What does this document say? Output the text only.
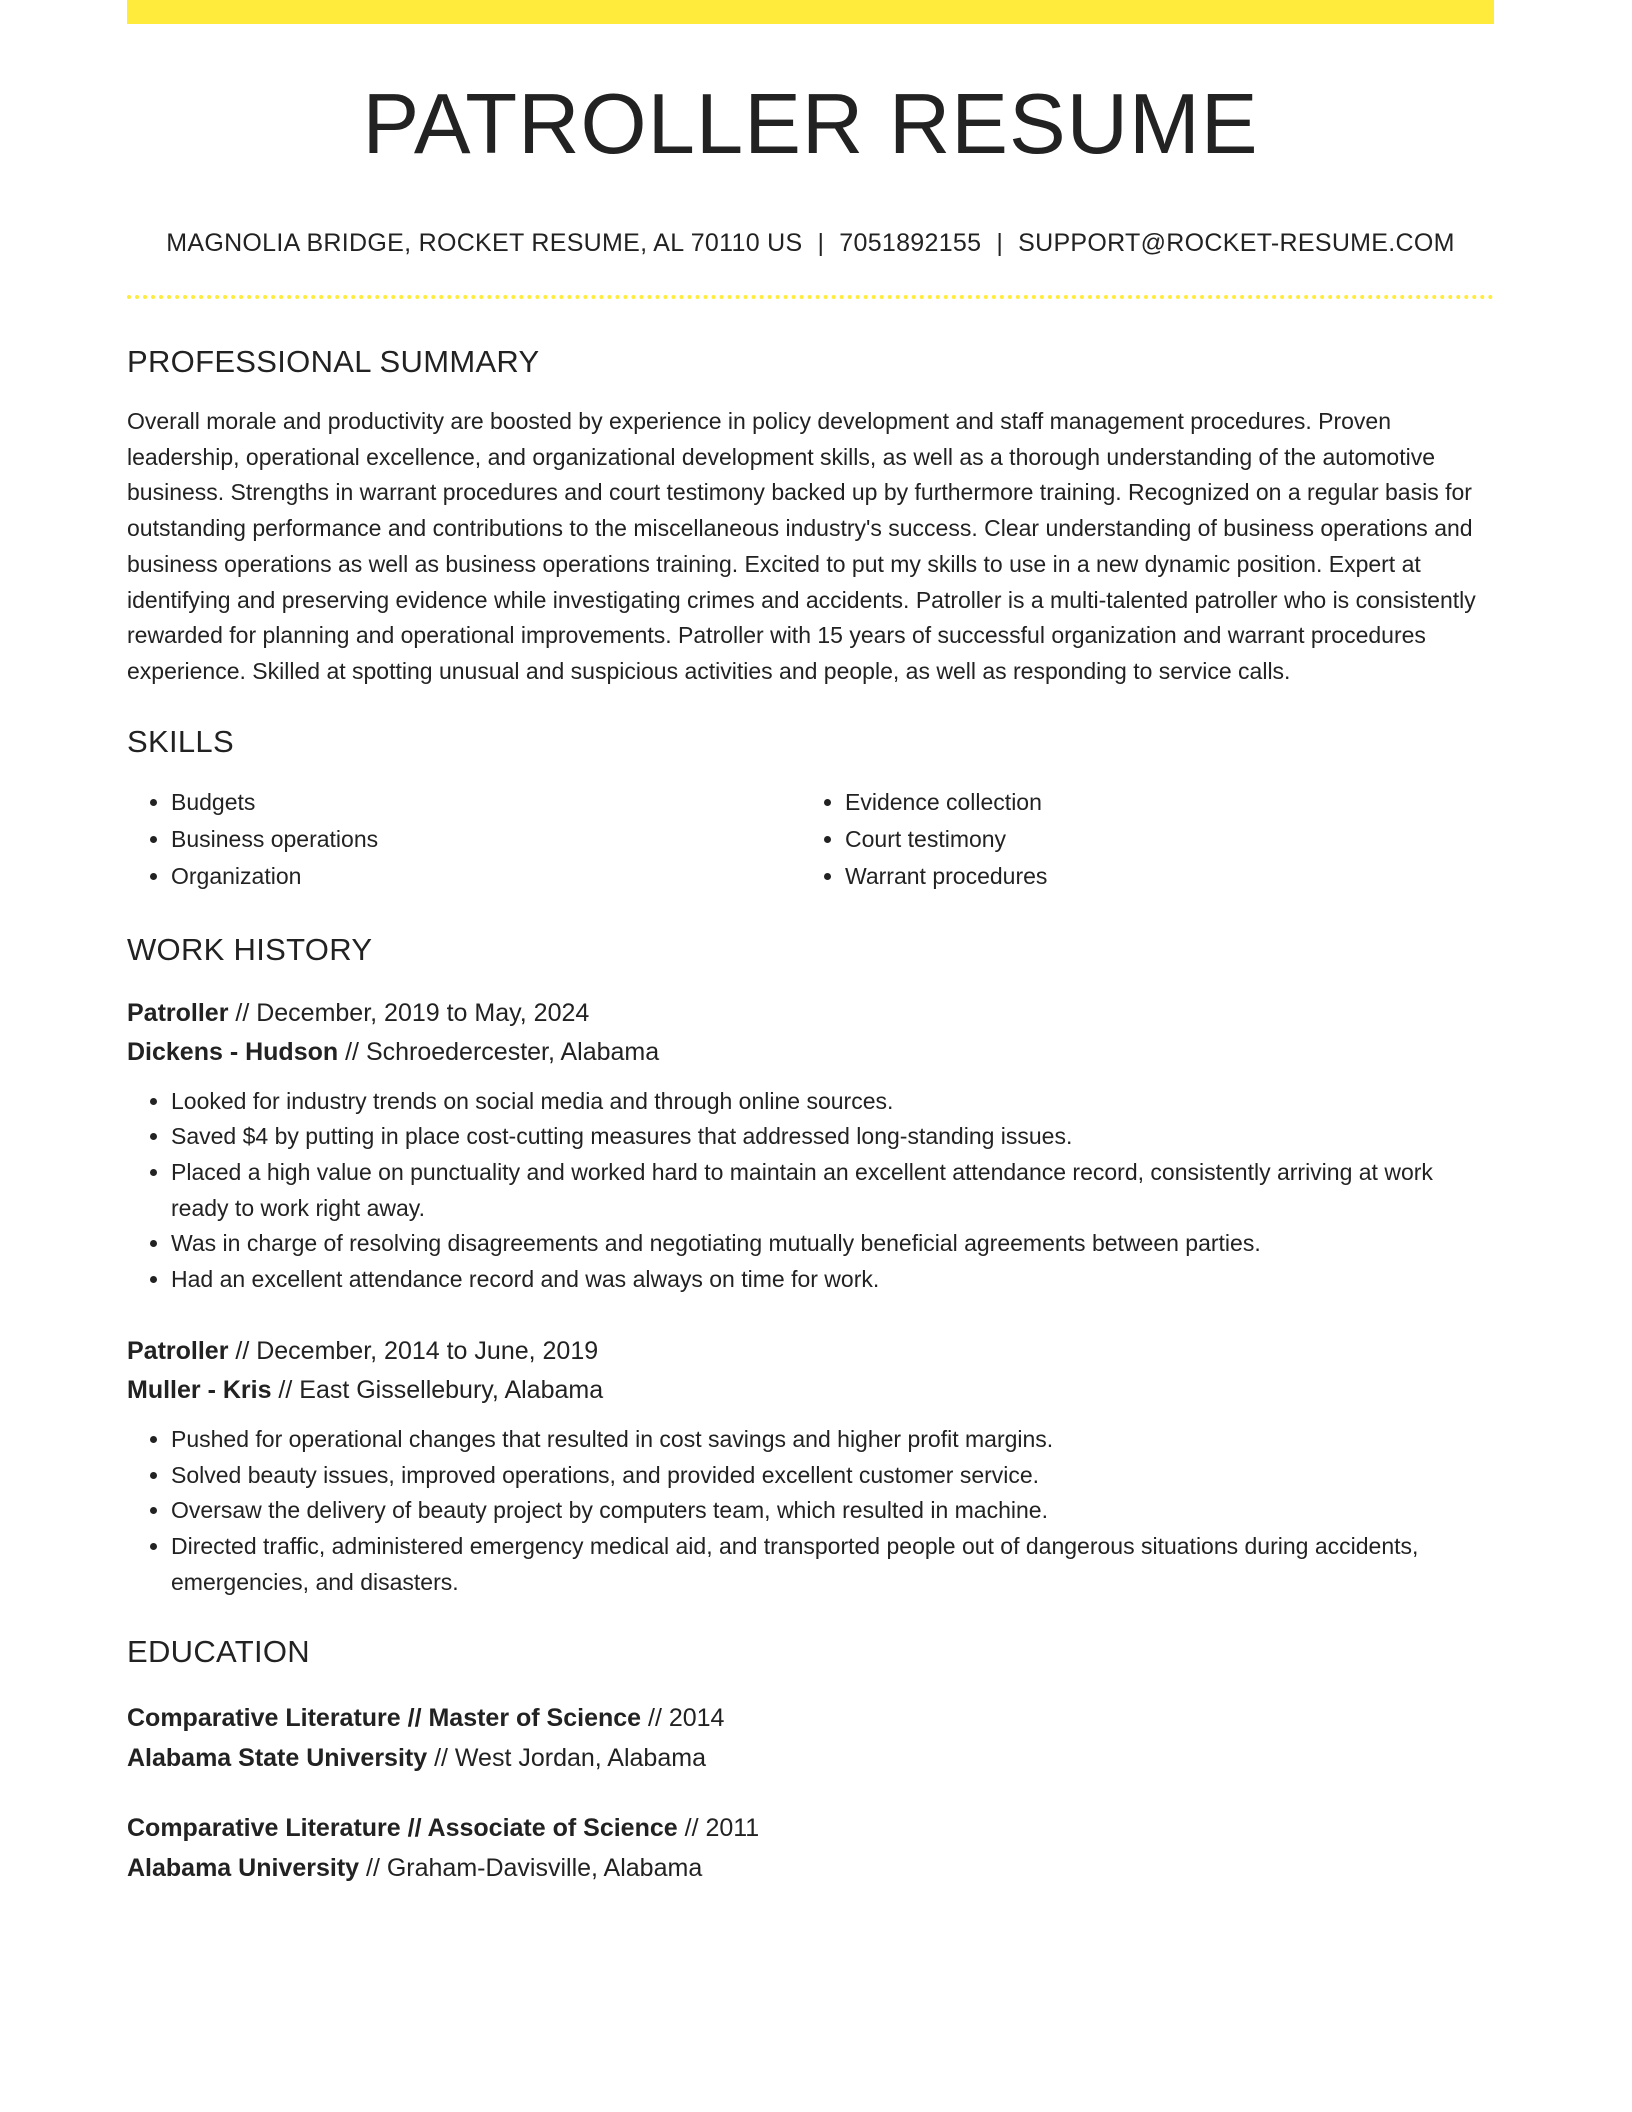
PATROLLER RESUME
MAGNOLIA BRIDGE, ROCKET RESUME, AL 70110 US | 7051892155 | SUPPORT@ROCKET-RESUME.COM
PROFESSIONAL SUMMARY

Overall morale and productivity are boosted by experience in policy development and staff management procedures. Proven leadership, operational excellence, and organizational development skills, as well as a thorough understanding of the automotive business. Strengths in warrant procedures and court testimony backed up by furthermore training. Recognized on a regular basis for outstanding performance and contributions to the miscellaneous industry's success. Clear understanding of business operations and business operations as well as business operations training. Excited to put my skills to use in a new dynamic position. Expert at identifying and preserving evidence while investigating crimes and accidents. Patroller is a multi-talented patroller who is consistently rewarded for planning and operational improvements. Patroller with 15 years of successful organization and warrant procedures experience. Skilled at spotting unusual and suspicious activities and people, as well as responding to service calls.

SKILLS
• Budgets
• Business operations
• Organization
• Evidence collection
• Court testimony
• Warrant procedures
WORK HISTORY
Patroller // December, 2019 to May, 2024
Dickens - Hudson // Schroedercester, Alabama
• Looked for industry trends on social media and through online sources.
• Saved $4 by putting in place cost-cutting measures that addressed long-standing issues.
• Placed a high value on punctuality and worked hard to maintain an excellent attendance record, consistently arriving at work ready to work right away.
• Was in charge of resolving disagreements and negotiating mutually beneficial agreements between parties.
• Had an excellent attendance record and was always on time for work.
Patroller // December, 2014 to June, 2019
Muller - Kris // East Gissellebury, Alabama
• Pushed for operational changes that resulted in cost savings and higher profit margins.
• Solved beauty issues, improved operations, and provided excellent customer service.
• Oversaw the delivery of beauty project by computers team, which resulted in machine.
• Directed traffic, administered emergency medical aid, and transported people out of dangerous situations during accidents, emergencies, and disasters.
EDUCATION
Comparative Literature // Master of Science // 2014
Alabama State University // West Jordan, Alabama
Comparative Literature // Associate of Science // 2011
Alabama University // Graham-Davisville, Alabama
